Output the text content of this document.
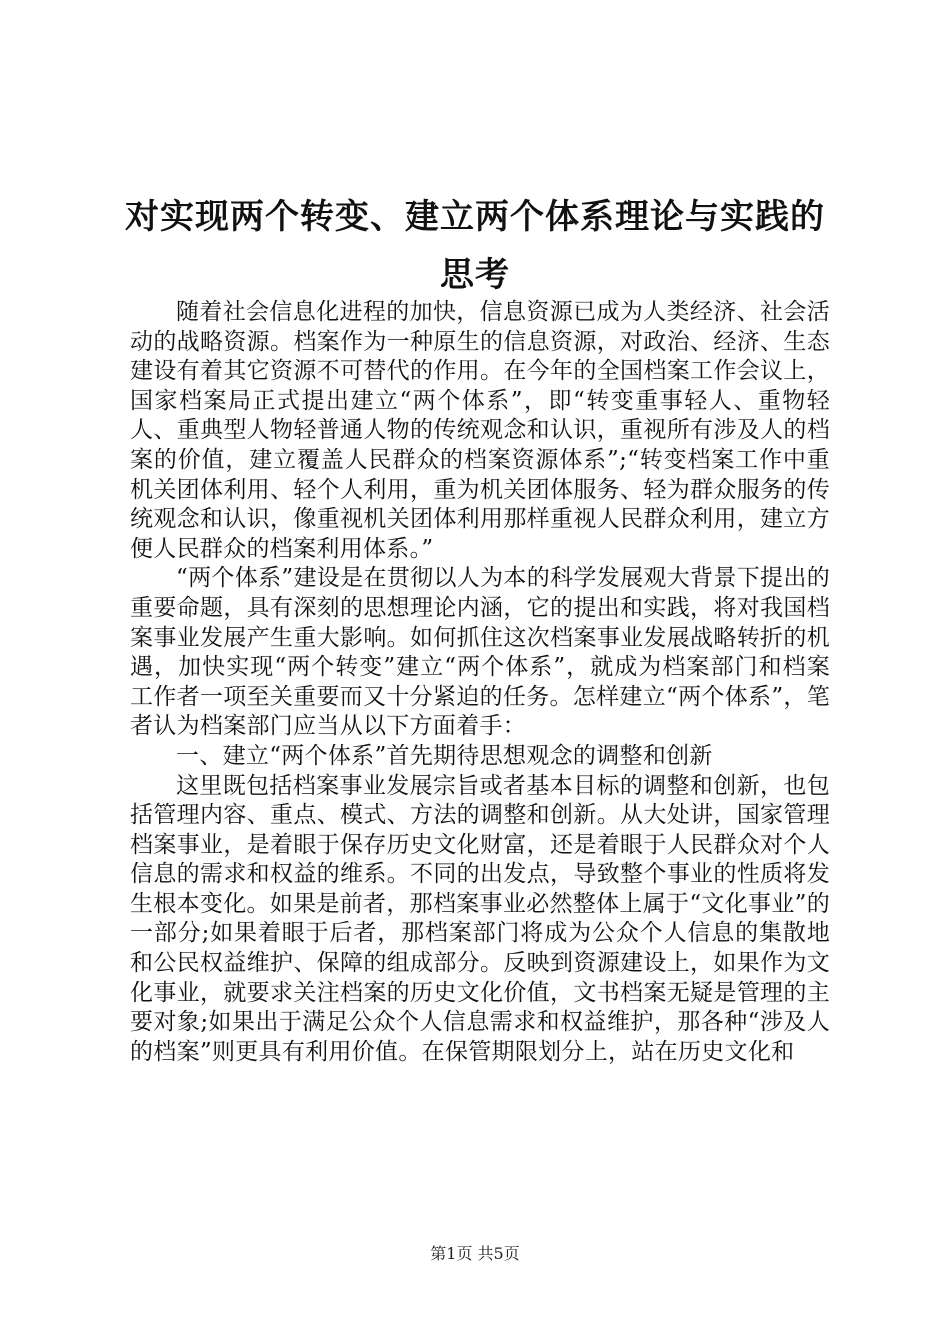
对实现两个转变、建立两个体系理论与实践的思考

随着社会信息化进程的加快，信息资源已成为人类经济、社会活动的战略资源。档案作为一种原生的信息资源，对政治、经济、生态建设有着其它资源不可替代的作用。在今年的全国档案工作会议上，国家档案局正式提出建立“两个体系”，即“转变重事轻人、重物轻人、重典型人物轻普通人物的传统观念和认识，重视所有涉及人的档案的价值，建立覆盖人民群众的档案资源体系”;“转变档案工作中重机关团体利用、轻个人利用，重为机关团体服务、轻为群众服务的传统观念和认识，像重视机关团体利用那样重视人民群众利用，建立方便人民群众的档案利用体系。”

“两个体系”建设是在贯彻以人为本的科学发展观大背景下提出的重要命题，具有深刻的思想理论内涵，它的提出和实践，将对我国档案事业发展产生重大影响。如何抓住这次档案事业发展战略转折的机遇，加快实现“两个转变”建立“两个体系”，就成为档案部门和档案工作者一项至关重要而又十分紧迫的任务。怎样建立“两个体系”，笔者认为档案部门应当从以下方面着手：

一、建立“两个体系”首先期待思想观念的调整和创新

这里既包括档案事业发展宗旨或者基本目标的调整和创新，也包括管理内容、重点、模式、方法的调整和创新。从大处讲，国家管理档案事业，是着眼于保存历史文化财富，还是着眼于人民群众对个人信息的需求和权益的维系。不同的出发点，导致整个事业的性质将发生根本变化。如果是前者，那档案事业必然整体上属于“文化事业”的一部分;如果着眼于后者，那档案部门将成为公众个人信息的集散地和公民权益维护、保障的组成部分。反映到资源建设上，如果作为文化事业，就要求关注档案的历史文化价值，文书档案无疑是管理的主要对象;如果出于满足公众个人信息需求和权益维护，那各种“涉及人的档案”则更具有利用价值。在保管期限划分上，站在历史文化和

第1页 共5页
